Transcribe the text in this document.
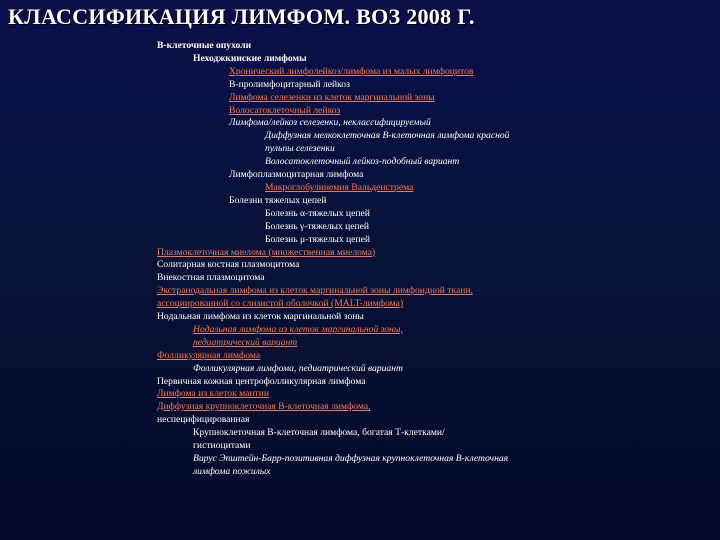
КЛАССИФИКАЦИЯ ЛИМФОМ. ВОЗ 2008 Г.
В-клеточные опухоли
Неходжкинские лимфомы
Хронический лимфолейкоз/лимфома из малых лимфоцитов
В-пролимфоцитарный лейкоз
Лимфома селезенки из клеток маргинальной зоны
Волосатоклеточный лейкоз
Лимфома/лейкоз селезенки, неклассифицируемый
Диффузная мелкоклеточная В-клеточная лимфома красной пульпы селезенки
Волосатоклеточный лейкоз-подобный вариант
Лимфоплазмоцитарная лимфома
Макроглобулинемия Вальденстрема
Болезни тяжелых цепей
Болезнь α-тяжелых цепей
Болезнь γ-тяжелых цепей
Болезнь μ-тяжелых цепей
Плазмоклеточная миелома (множественная миелома)
Солитарная костная плазмоцитома
Внекостная плазмоцитома
Экстранодальная лимфома из клеток маргинальной зоны лимфоидной ткани, ассоциированной со слизистой оболочкой (MALT-лимфома)
Нодальная лимфома из клеток маргинальной зоны
Нодальная лимфома из клеток маргинальной зоны, педиатрический вариант
Фолликулярная лимфома
Фолликулярная лимфома, педиатрический вариант
Первичная кожная центрофолликулярная лимфома
Лимфома из клеток мантии
Диффузная крупноклеточная В-клеточная лимфома,
неспецифицированная
Крупноклеточная В-клеточная лимфома, богатая Т-клетками/гистиоцитами
Вирус Эпштейн-Барр-позитивная диффузная крупноклеточная В-клеточная лимфома пожилых
